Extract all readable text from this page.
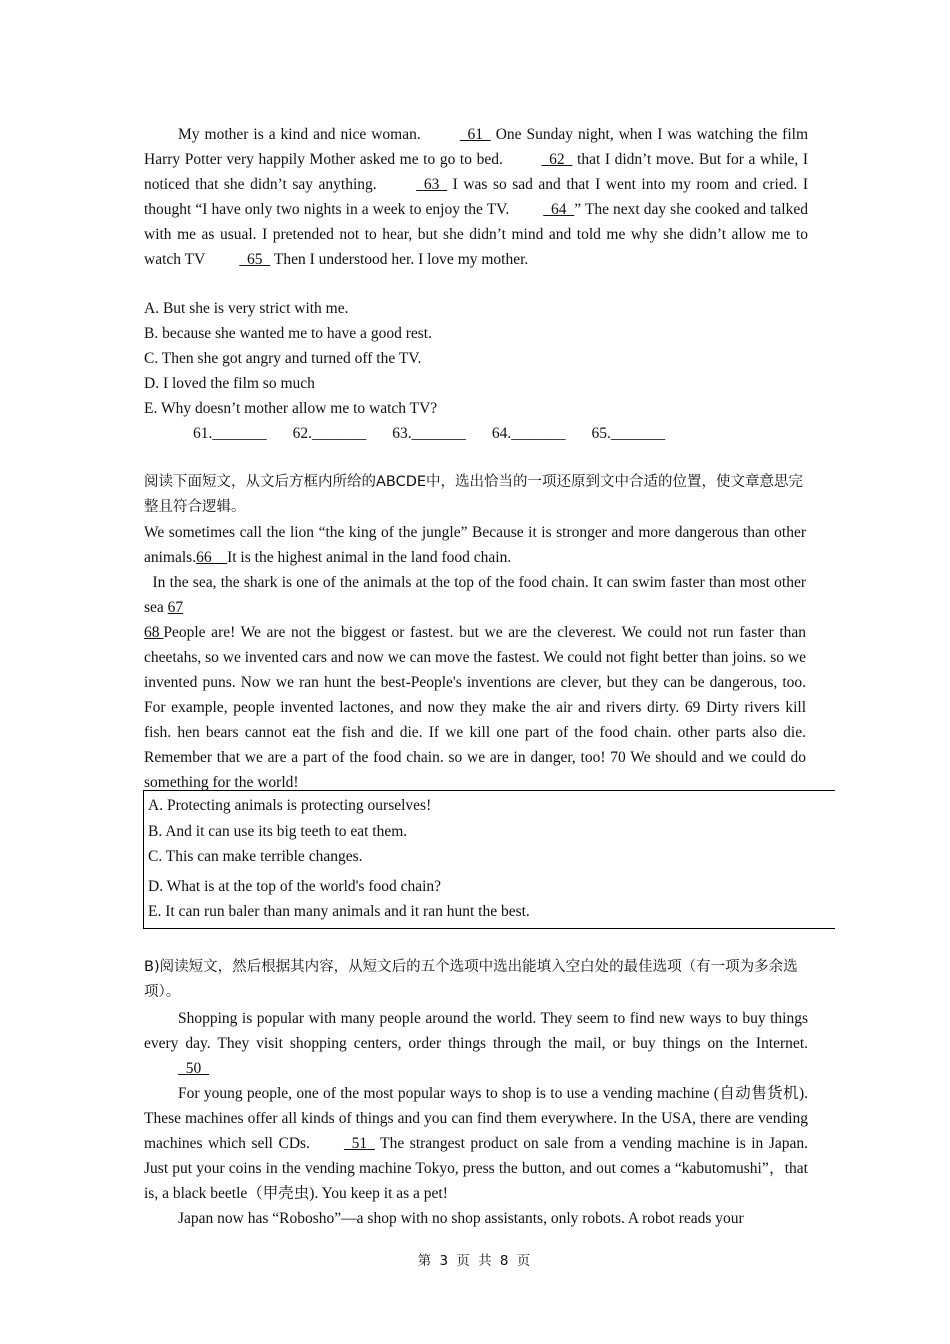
My mother is a kind and nice woman.	61 One Sunday night, when I was watching the film Harry Potter very happily Mother asked me to go to bed.	62 that I didn’t move. But for a while, I noticed that she didn’t say anything.	63 I was so sad and that I went into my room and cried. I thought “I have only two nights in a week to enjoy the TV.	64 ” The next day she cooked and talked with me as usual. I pretended not to hear, but she didn’t mind and told me why she didn’t allow me to watch TV	65 Then I understood her. I love my mother.
A. But she is very strict with me.
B. because she wanted me to have a good rest.
C. Then she got angry and turned off the TV.
D. I loved the film so much
E. Why doesn’t mother allow me to watch TV?
61._______ 62._______ 63._______ 64._______ 65._______
阅读下面短文，从文后方框内所给的ABCDE中，选出恰当的一项还原到文中合适的位置，使文章意思完整且符合逻辑。
We sometimes call the lion “the king of the jungle” Because it is stronger and more dangerous than other animals.66 It is the highest animal in the land food chain.
In the sea, the shark is one of the animals at the top of the food chain. It can swim faster than most other sea 67
68 People are! We are not the biggest or fastest. but we are the cleverest. We could not run faster than cheetahs, so we invented cars and now we can move the fastest. We could not fight better than joins. so we invented puns. Now we ran hunt the best-People's inventions are clever, but they can be dangerous, too. For example, people invented lactones, and now they make the air and rivers dirty. 69 Dirty rivers kill fish. hen bears cannot eat the fish and die. If we kill one part of the food chain. other parts also die. Remember that we are a part of the food chain. so we are in danger, too! 70 We should and we could do something for the world!
A. Protecting animals is protecting ourselves!
B. And it can use its big teeth to eat them.
C. This can make terrible changes.
D. What is at the top of the world's food chain?
E. It can run baler than many animals and it ran hunt the best.
B)阅读短文，然后根据其内容，从短文后的五个选项中选出能填入空白处的最佳选项（有一项为多余选项）。
Shopping is popular with many people around the world. They seem to find new ways to buy things every day. They visit shopping centers, order things through the mail, or buy things on the Internet.  50
For young people, one of the most popular ways to shop is to use a vending machine (自动售货机). These machines offer all kinds of things and you can find them everywhere. In the USA, there are vending machines which sell CDs.	51 The strangest product on sale from a vending machine is in Japan. Just put your coins in the vending machine Tokyo, press the button, and out comes a “kabutomushi”，that is, a black beetle（甲壳虫). You keep it as a pet!
Japan now has “Robosho”—a shop with no shop assistants, only robots. A robot reads your
第 3 页 共 8 页
